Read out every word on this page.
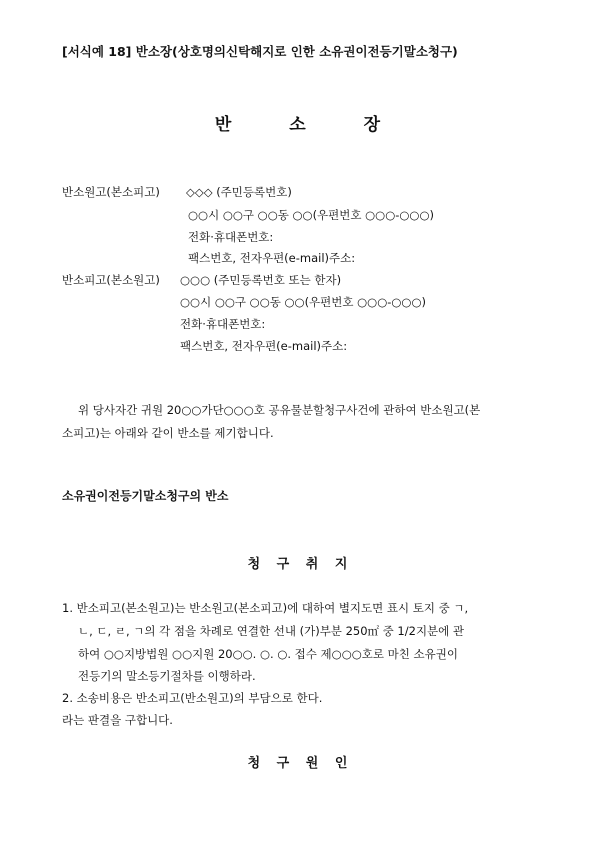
[서식예 18] 반소장(상호명의신탁해지로 인한 소유권이전등기말소청구)
반	소	장
반소원고(본소피고) ◇◇◇ (주민등록번호)
○○시 ○○구 ○○동 ○○(우편번호 ○○○-○○○)
전화·휴대폰번호:
팩스번호, 전자우편(e-mail)주소:
반소피고(본소원고) ○○○ (주민등록번호 또는 한자)
○○시 ○○구 ○○동 ○○(우편번호 ○○○-○○○)
전화·휴대폰번호:
팩스번호, 전자우편(e-mail)주소:
위 당사자간 귀원 20○○가단○○○호 공유물분할청구사건에 관하여 반소원고(본
소피고)는 아래와 같이 반소를 제기합니다.
소유권이전등기말소청구의 반소
청 구 취 지
1. 반소피고(본소원고)는 반소원고(본소피고)에 대하여 별지도면 표시 토지 중 ㄱ,
ㄴ, ㄷ, ㄹ, ㄱ의 각 점을 차례로 연결한 선내 (가)부분 250㎡ 중 1/2지분에 관
하여 ○○지방법원 ○○지원 20○○. ○. ○. 접수 제○○○호로 마친 소유권이
전등기의 말소등기절차를 이행하라.
2. 소송비용은 반소피고(반소원고)의 부담으로 한다.
라는 판결을 구합니다.
청 구 원 인
